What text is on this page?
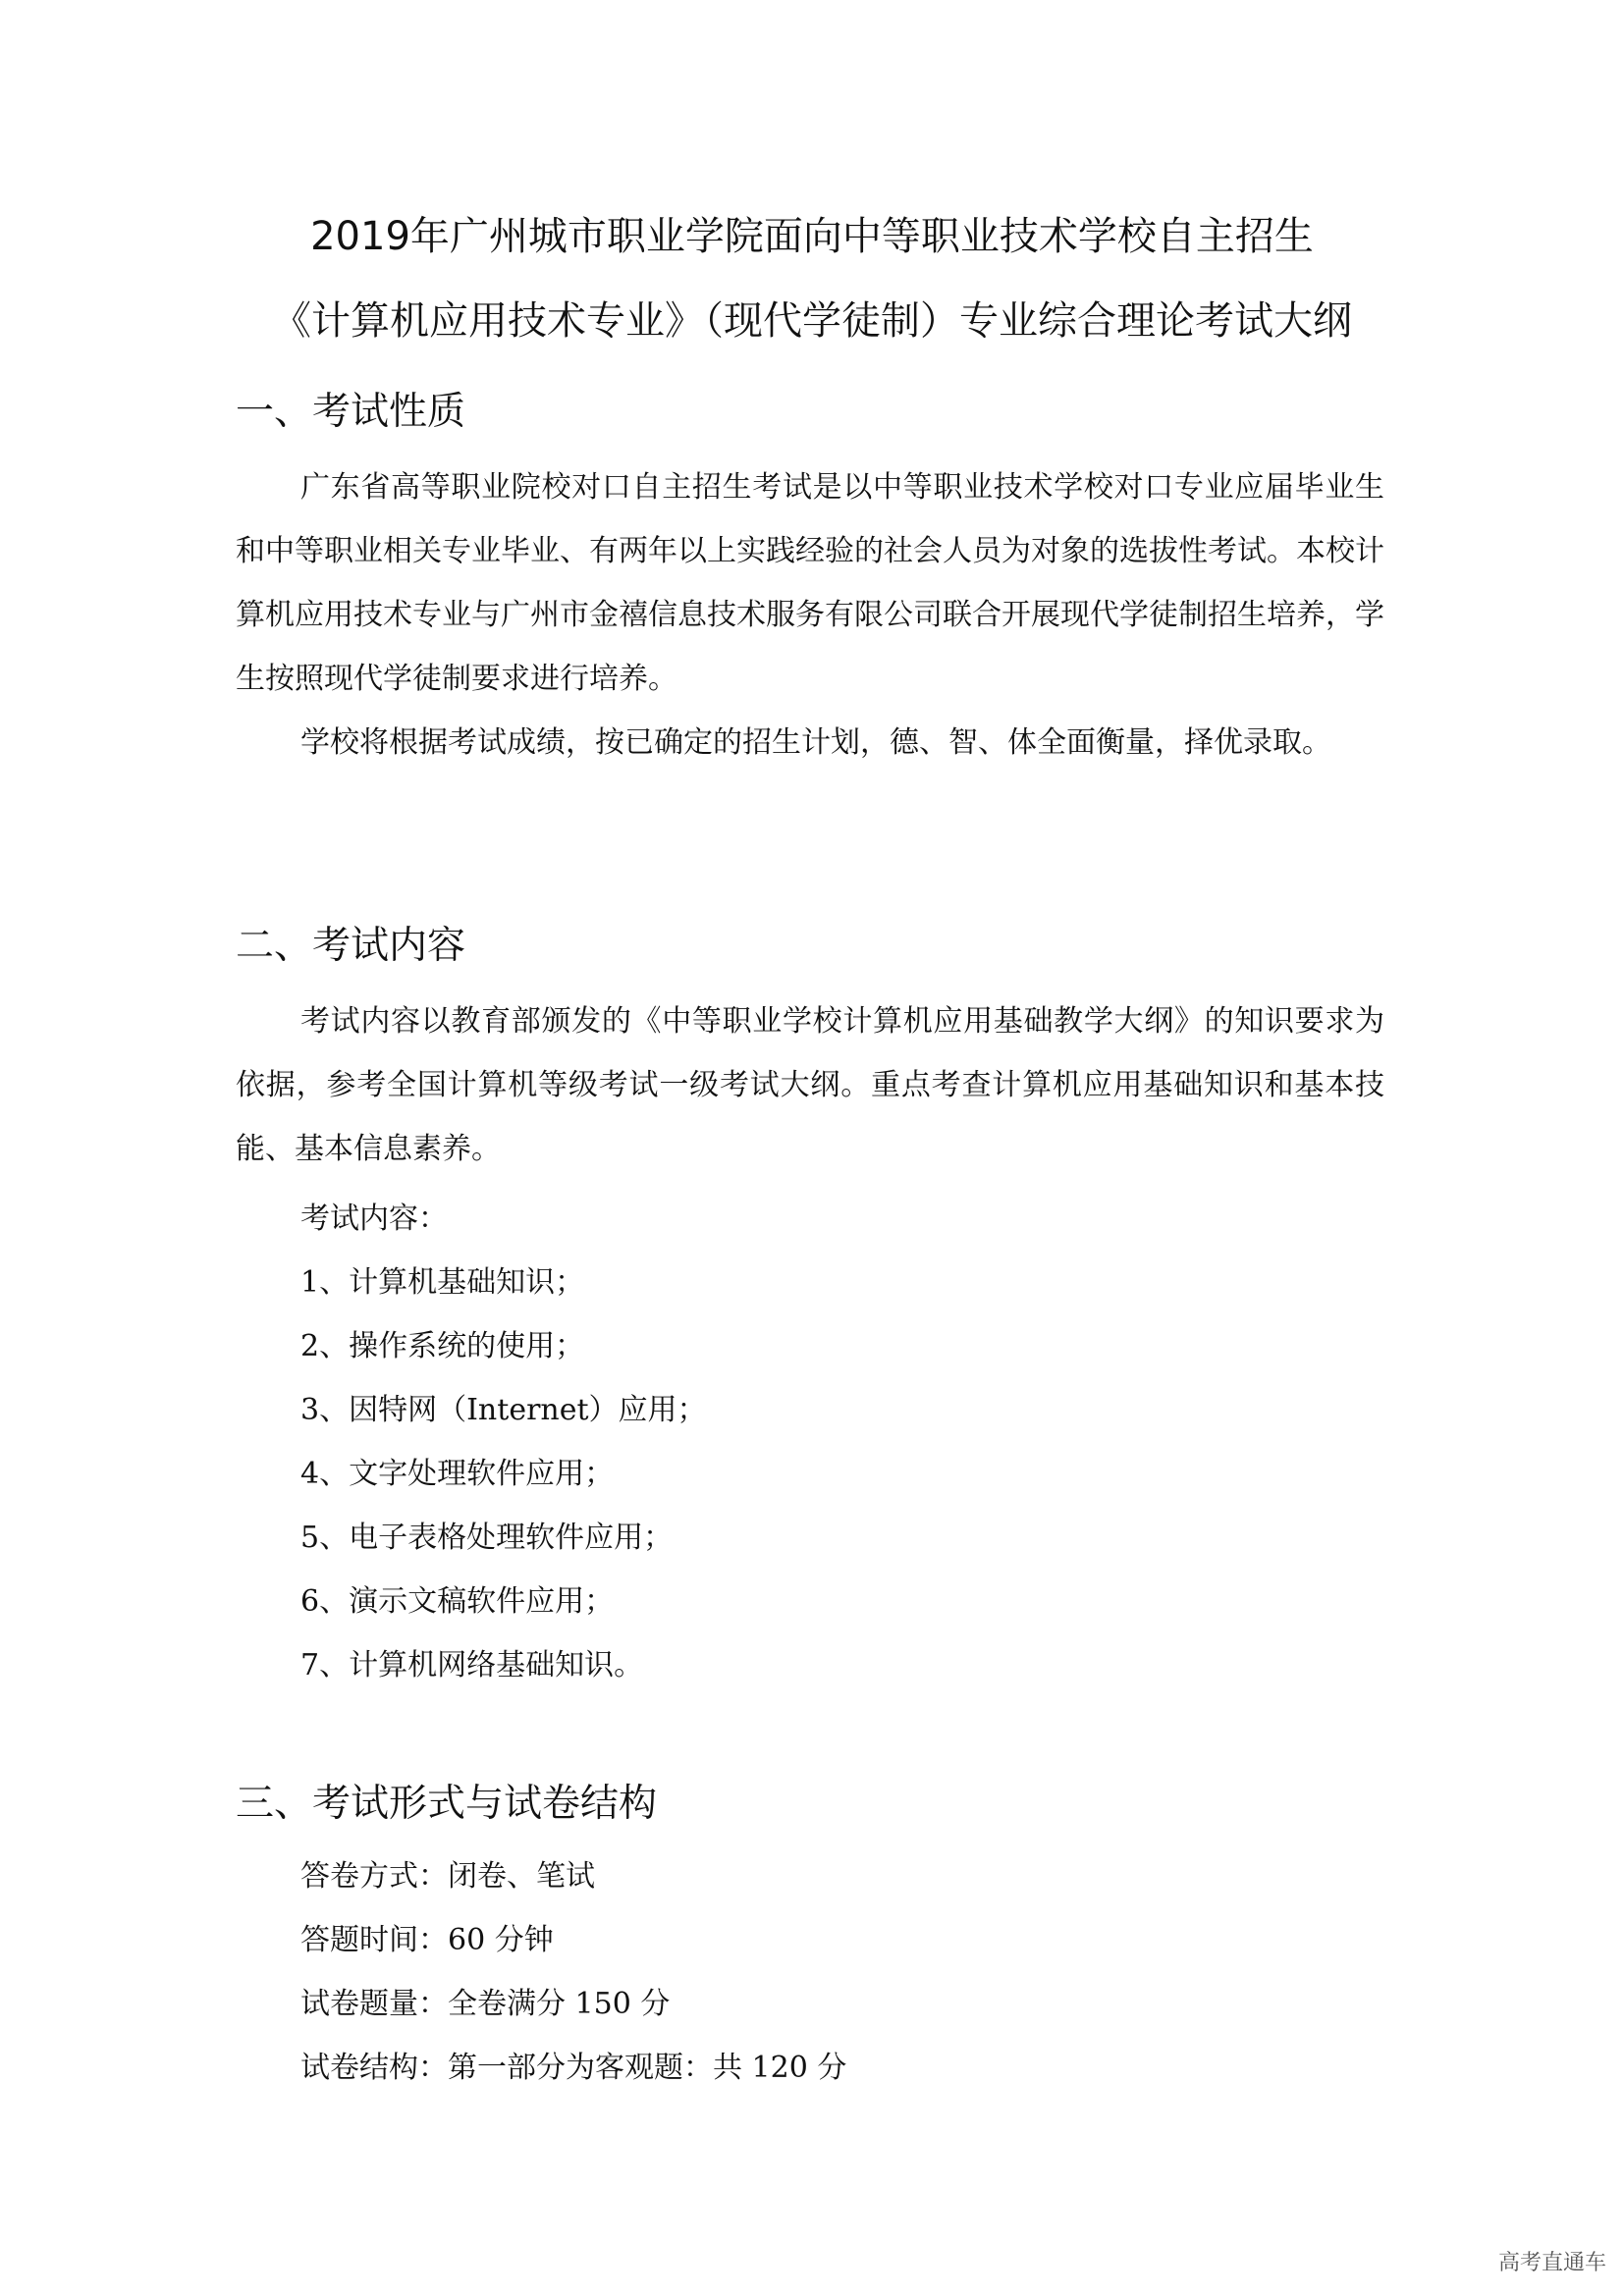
2019年广州城市职业学院面向中等职业技术学校自主招生
《计算机应用技术专业》（现代学徒制）专业综合理论考试大纲
一、考试性质

广东省高等职业院校对口自主招生考试是以中等职业技术学校对口专业应届毕业生和中等职业相关专业毕业、有两年以上实践经验的社会人员为对象的选拔性考试。本校计算机应用技术专业与广州市金禧信息技术服务有限公司联合开展现代学徒制招生培养，学生按照现代学徒制要求进行培养。

学校将根据考试成绩，按已确定的招生计划，德、智、体全面衡量，择优录取。

二、考试内容

考试内容以教育部颁发的《中等职业学校计算机应用基础教学大纲》的知识要求为依据，参考全国计算机等级考试一级考试大纲。重点考查计算机应用基础知识和基本技能、基本信息素养。

考试内容：
1、计算机基础知识；
2、操作系统的使用；
3、因特网（Internet）应用；
4、文字处理软件应用；
5、电子表格处理软件应用；
6、演示文稿软件应用；
7、计算机网络基础知识。
三、考试形式与试卷结构
答卷方式：闭卷、笔试
答题时间：60 分钟
试卷题量：全卷满分 150 分
试卷结构：第一部分为客观题：共 120 分
高考直通车
